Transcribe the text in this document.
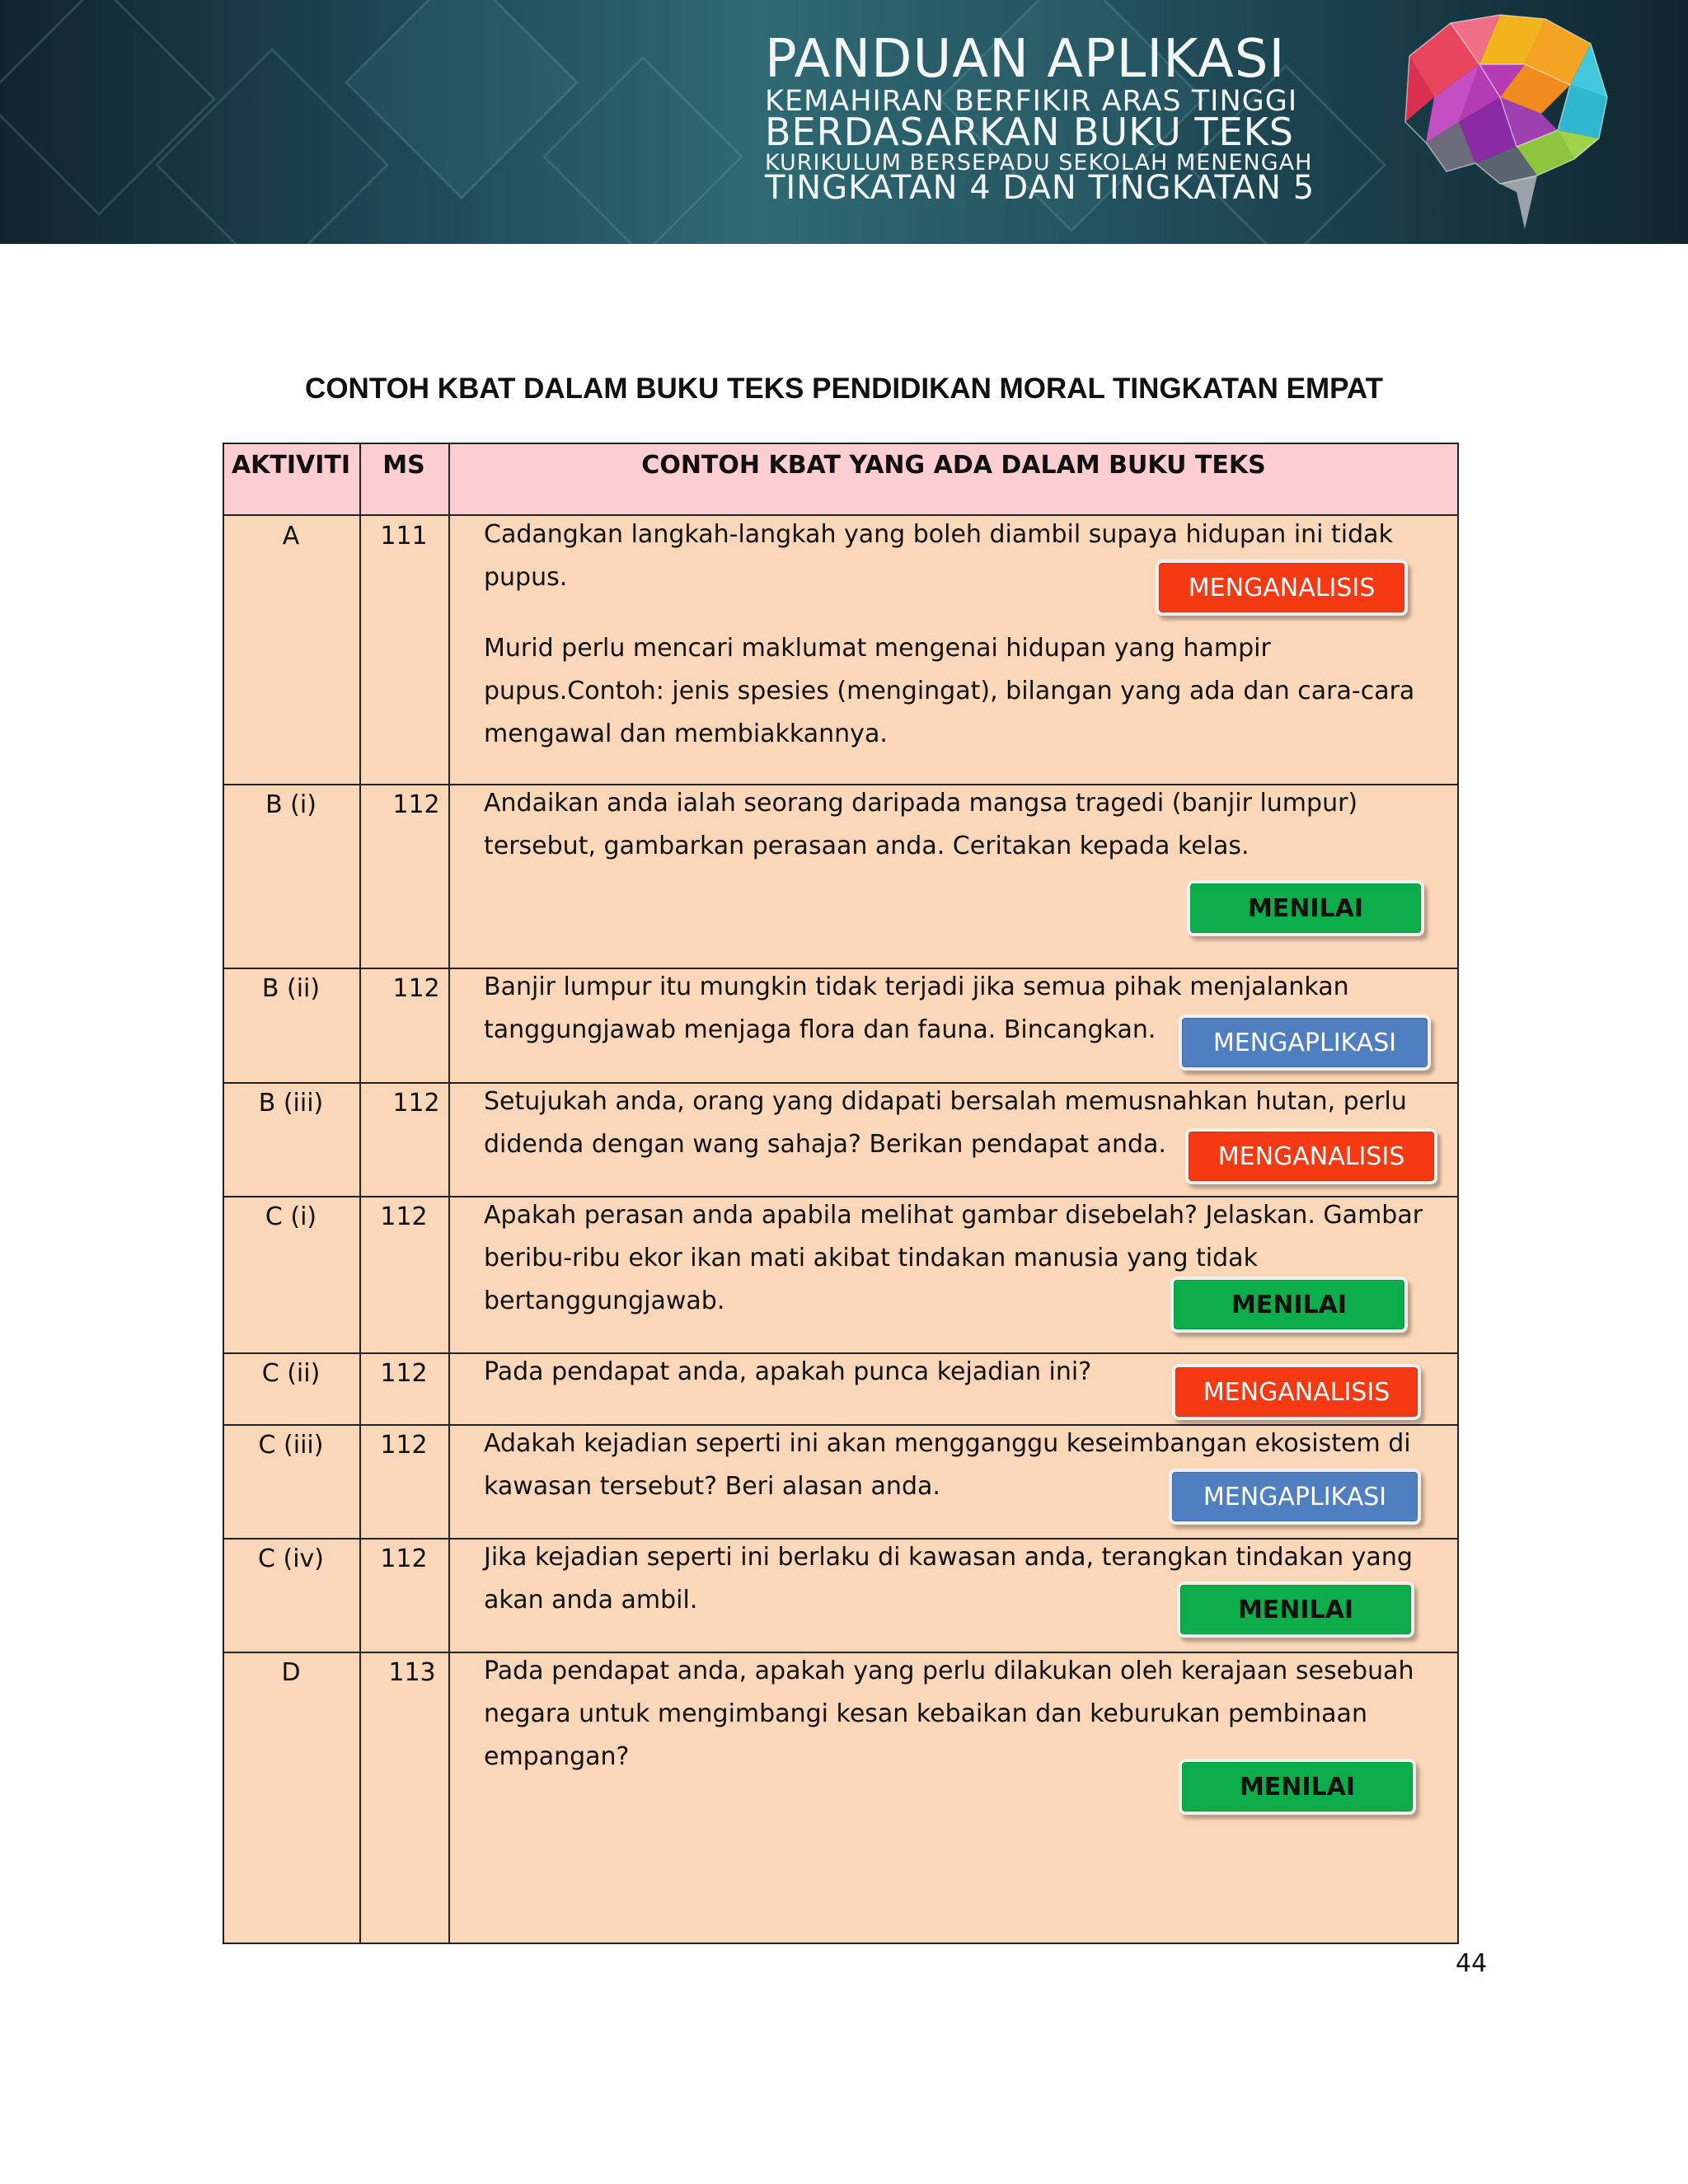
PANDUAN APLIKASI
KEMAHIRAN BERFIKIR ARAS TINGGI
BERDASARKAN BUKU TEKS
KURIKULUM BERSEPADU SEKOLAH MENENGAH
TINGKATAN 4 DAN TINGKATAN 5
CONTOH KBAT DALAM BUKU TEKS PENDIDIKAN MORAL TINGKATAN EMPAT
AKTIVITI	MS	CONTOH KBAT YANG ADA DALAM BUKU TEKS
A	111	Cadangkan langkah-langkah yang boleh diambil supaya hidupan ini tidak pupus.	MENGANALISIS
Murid perlu mencari maklumat mengenai hidupan yang hampir pupus.Contoh: jenis spesies (mengingat), bilangan yang ada dan cara-cara mengawal dan membiakkannya.
B (i)	112	Andaikan anda ialah seorang daripada mangsa tragedi (banjir lumpur) tersebut, gambarkan perasaan anda. Ceritakan kepada kelas.
MENILAI
B (ii)	112	Banjir lumpur itu mungkin tidak terjadi jika semua pihak menjalankan tanggungjawab menjaga flora dan fauna. Bincangkan.	MENGAPLIKASI
B (iii)	112	Setujukah anda, orang yang didapati bersalah memusnahkan hutan, perlu didenda dengan wang sahaja? Berikan pendapat anda.	MENGANALISIS
C (i)	112	Apakah perasan anda apabila melihat gambar disebelah? Jelaskan. Gambar beribu-ribu ekor ikan mati akibat tindakan manusia yang tidak bertanggungjawab.	MENILAI
C (ii)	112	Pada pendapat anda, apakah punca kejadian ini?
MENGANALISIS
C (iii)	112	Adakah kejadian seperti ini akan mengganggu keseimbangan ekosistem di kawasan tersebut? Beri alasan anda.	MENGAPLIKASI
C (iv)	112	Jika kejadian seperti ini berlaku di kawasan anda, terangkan tindakan yang akan anda ambil.	MENILAI
D	113	Pada pendapat anda, apakah yang perlu dilakukan oleh kerajaan sesebuah negara untuk mengimbangi kesan kebaikan dan keburukan pembinaan empangan?
MENILAI
44
